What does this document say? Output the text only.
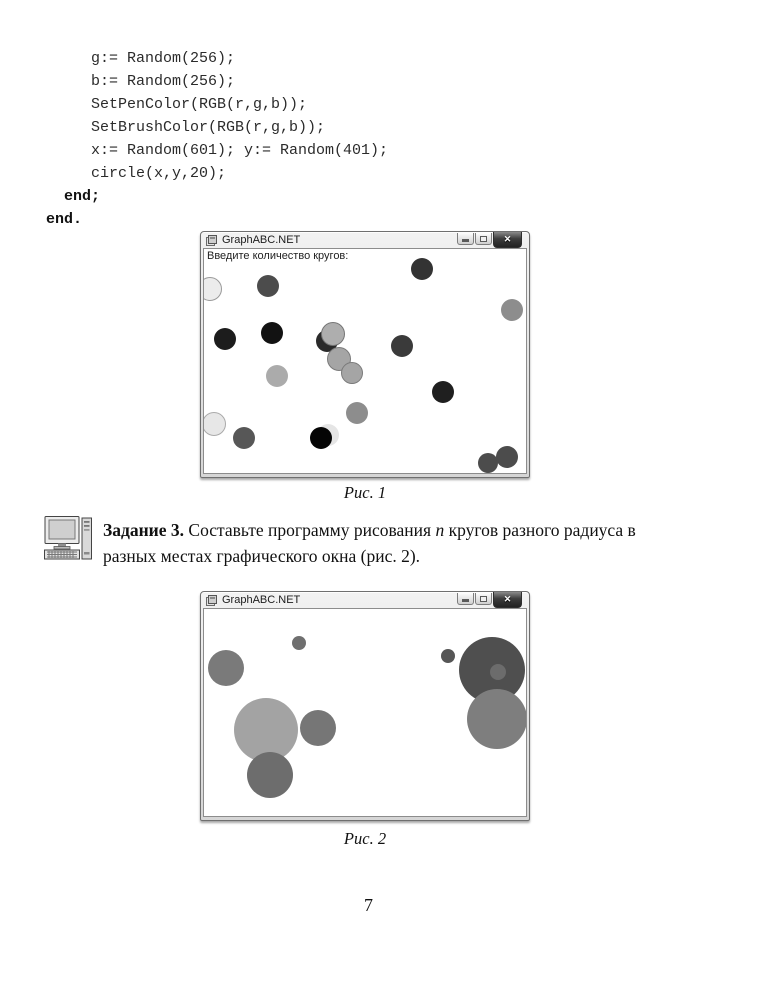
g:= Random(256);
b:= Random(256);
SetPenColor(RGB(r,g,b));
SetBrushColor(RGB(r,g,b));
x:= Random(601); y:= Random(401);
circle(x,y,20);
end;
end.
GraphABC.NET	✕
Введите количество кругов:
Рис. 1
Задание 3. Составьте программу рисования n кругов разного радиуса в разных местах графического окна (рис. 2).
GraphABC.NET	✕
Рис. 2
7
